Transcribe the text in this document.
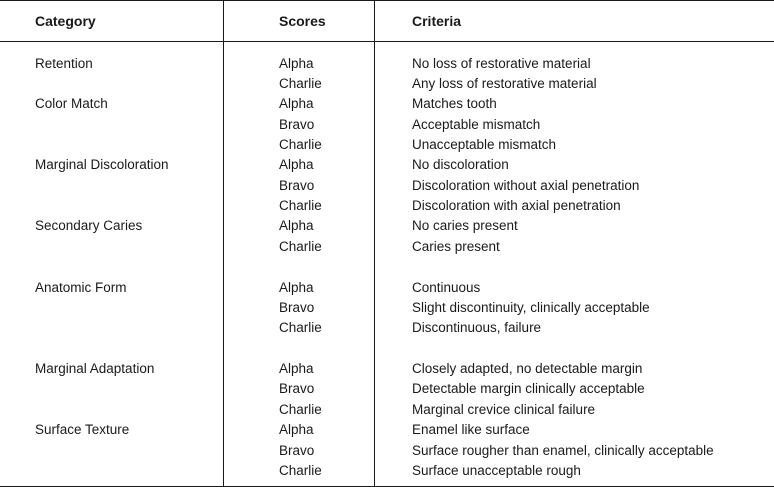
Category	Scores	Criteria
Retention	Alpha	No loss of restorative material
Charlie	Any loss of restorative material
Color Match	Alpha	Matches tooth
Bravo	Acceptable mismatch
Charlie	Unacceptable mismatch
Marginal Discoloration	Alpha	No discoloration
Bravo	Discoloration without axial penetration
Charlie	Discoloration with axial penetration
Secondary Caries	Alpha	No caries present
Charlie	Caries present
Anatomic Form	Alpha	Continuous
Bravo	Slight discontinuity, clinically acceptable
Charlie	Discontinuous, failure
Marginal Adaptation	Alpha	Closely adapted, no detectable margin
Bravo	Detectable margin clinically acceptable
Charlie	Marginal crevice clinical failure
Surface Texture	Alpha	Enamel like surface
Bravo	Surface rougher than enamel, clinically acceptable
Charlie	Surface unacceptable rough
